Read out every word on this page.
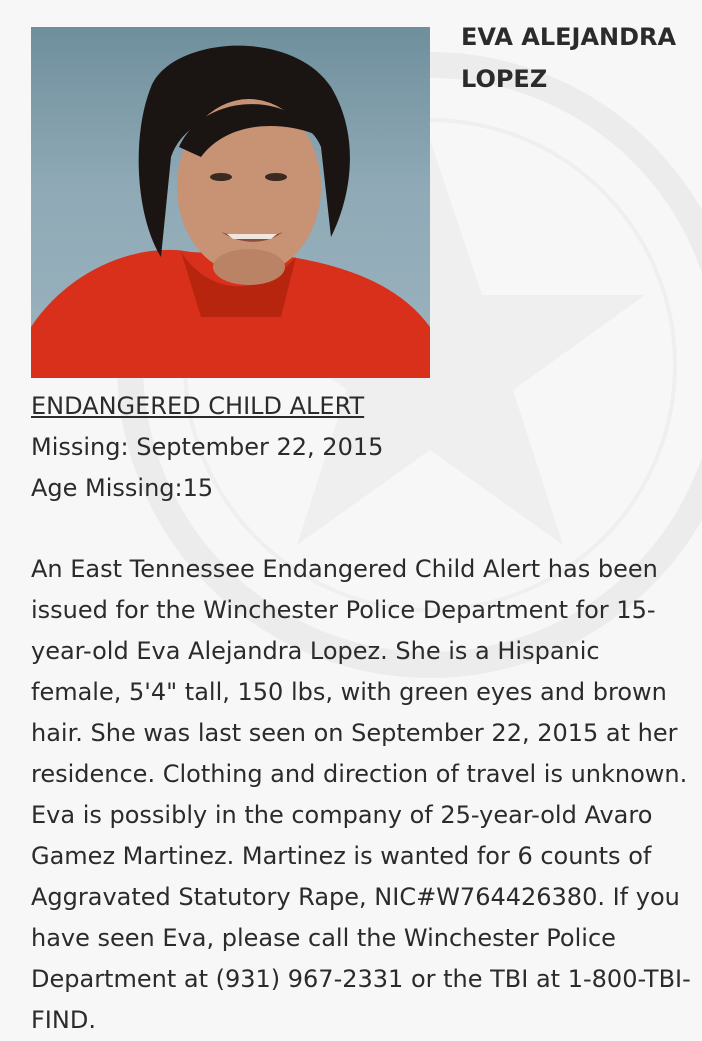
EVA ALEJANDRA LOPEZ
ENDANGERED CHILD ALERT
Missing: September 22, 2015
Age Missing:15

An East Tennessee Endangered Child Alert has been issued for the Winchester Police Department for 15-year-old Eva Alejandra Lopez. She is a Hispanic female, 5'4" tall, 150 lbs, with green eyes and brown hair. She was last seen on September 22, 2015 at her residence. Clothing and direction of travel is unknown. Eva is possibly in the company of 25-year-old Avaro Gamez Martinez. Martinez is wanted for 6 counts of Aggravated Statutory Rape, NIC#W764426380. If you have seen Eva, please call the Winchester Police Department at (931) 967-2331 or the TBI at 1-800-TBI-FIND.
